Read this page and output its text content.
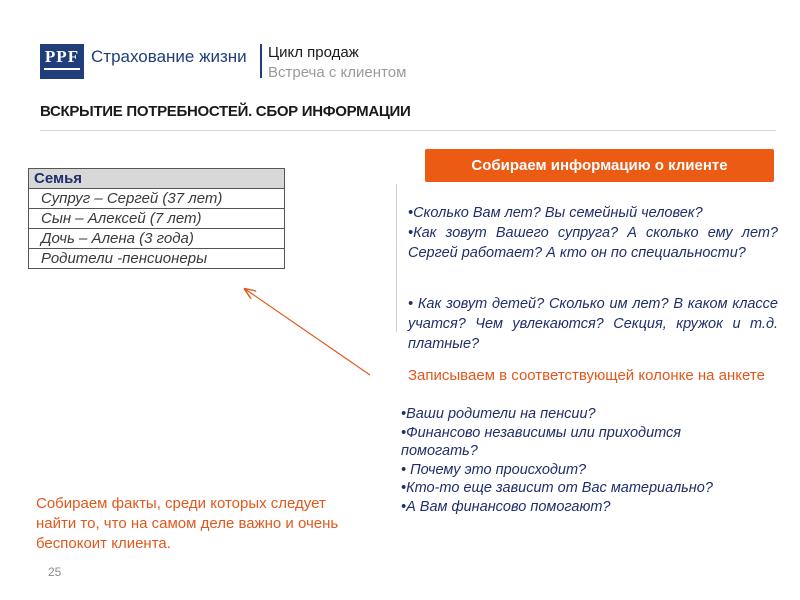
PPF Страхование жизни Цикл продаж
Встреча с клиентом
ВСКРЫТИЕ ПОТРЕБНОСТЕЙ. СБОР ИНФОРМАЦИИ
Семья
Супруг – Сергей (37 лет)
Сын – Алексей (7 лет)
Дочь – Алена (3 года)
Родители -пенсионеры
Собираем информацию о клиенте

•Сколько Вам лет? Вы семейный человек?

•Как зовут Вашего супруга? А сколько ему лет? Сергей работает? А кто он по специальности?

• Как зовут детей? Сколько им лет? В каком классе учатся? Чем увлекаются? Секция, кружок и т.д. платные?

Записываем в соответствующей колонке на анкете

•Ваши родители на пенсии?

•Финансово независимы или приходится помогать?

• Почему это происходит?

•Кто-то еще зависит от Вас материально?

•А Вам финансово помогают?

Собираем факты, среди которых следует найти то, что на самом деле важно и очень беспокоит клиента.
25
